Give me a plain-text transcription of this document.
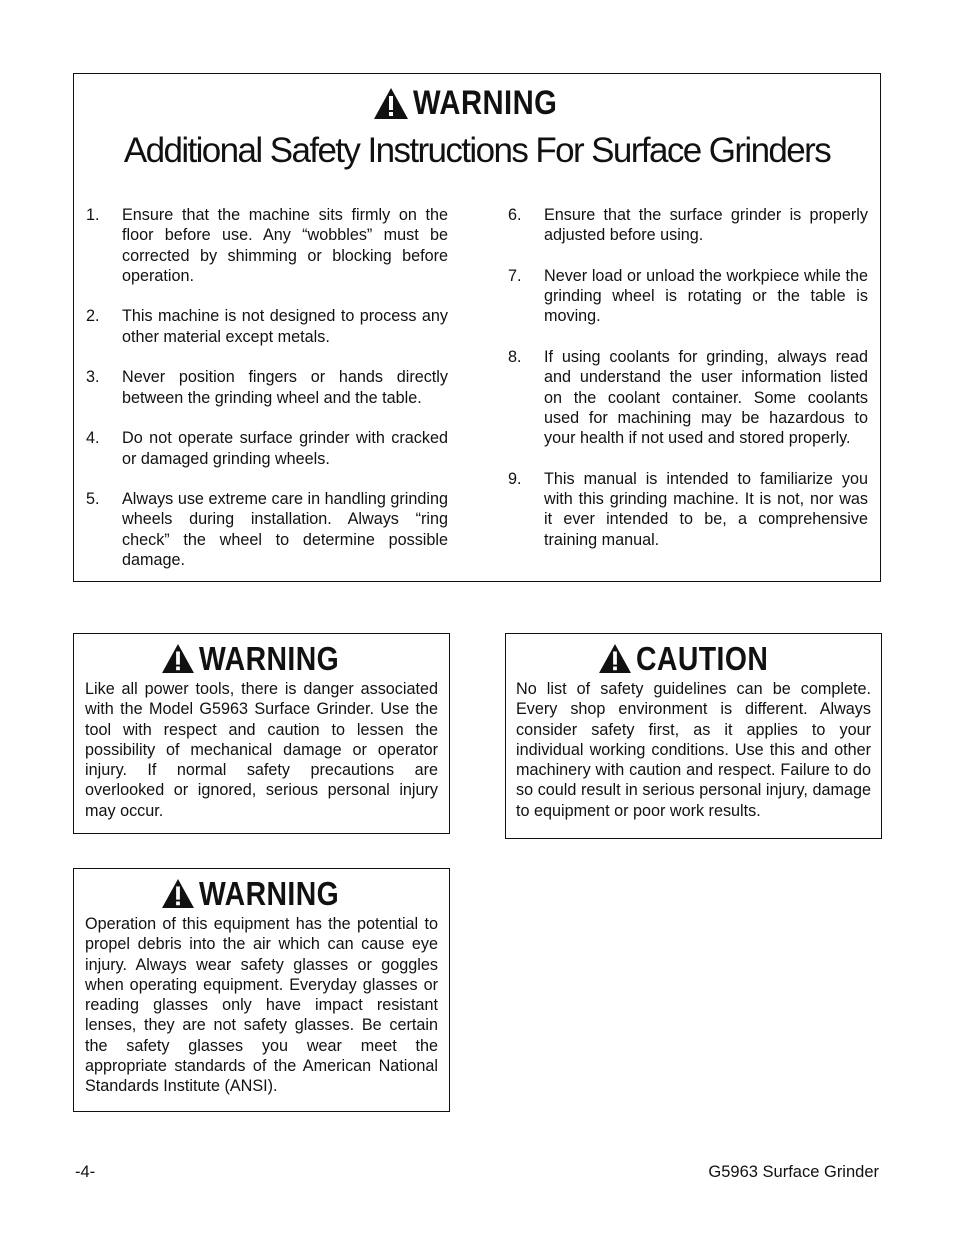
WARNING
Additional Safety Instructions For Surface Grinders
1.	Ensure that the machine sits firmly on the floor before use. Any “wobbles” must be corrected by shimming or blocking before operation.
2.	This machine is not designed to process any other material except metals.
3.	Never position fingers or hands directly between the grinding wheel and the table.
4.	Do not operate surface grinder with cracked or damaged grinding wheels.
5.	Always use extreme care in handling grinding wheels during installation. Always “ring check” the wheel to determine possible damage.
6.	Ensure that the surface grinder is properly adjusted before using.
7.	Never load or unload the workpiece while the grinding wheel is rotating or the table is moving.
8.	If using coolants for grinding, always read and understand the user information listed on the coolant container. Some coolants used for machining may be hazardous to your health if not used and stored properly.
9.	This manual is intended to familiarize you with this grinding machine. It is not, nor was it ever intended to be, a comprehensive training manual.
WARNING
Like all power tools, there is danger associated with the Model G5963 Surface Grinder. Use the tool with respect and caution to lessen the possibility of mechanical damage or operator injury. If normal safety precautions are overlooked or ignored, serious personal injury may occur.
CAUTION
No list of safety guidelines can be complete. Every shop environment is different. Always consider safety first, as it applies to your individual working conditions. Use this and other machinery with caution and respect. Failure to do so could result in serious personal injury, damage to equipment or poor work results.
WARNING
Operation of this equipment has the potential to propel debris into the air which can cause eye injury. Always wear safety glasses or goggles when operating equipment. Everyday glasses or reading glasses only have impact resistant lenses, they are not safety glasses. Be certain the safety glasses you wear meet the appropriate standards of the American National Standards Institute (ANSI).
-4-	G5963 Surface Grinder
